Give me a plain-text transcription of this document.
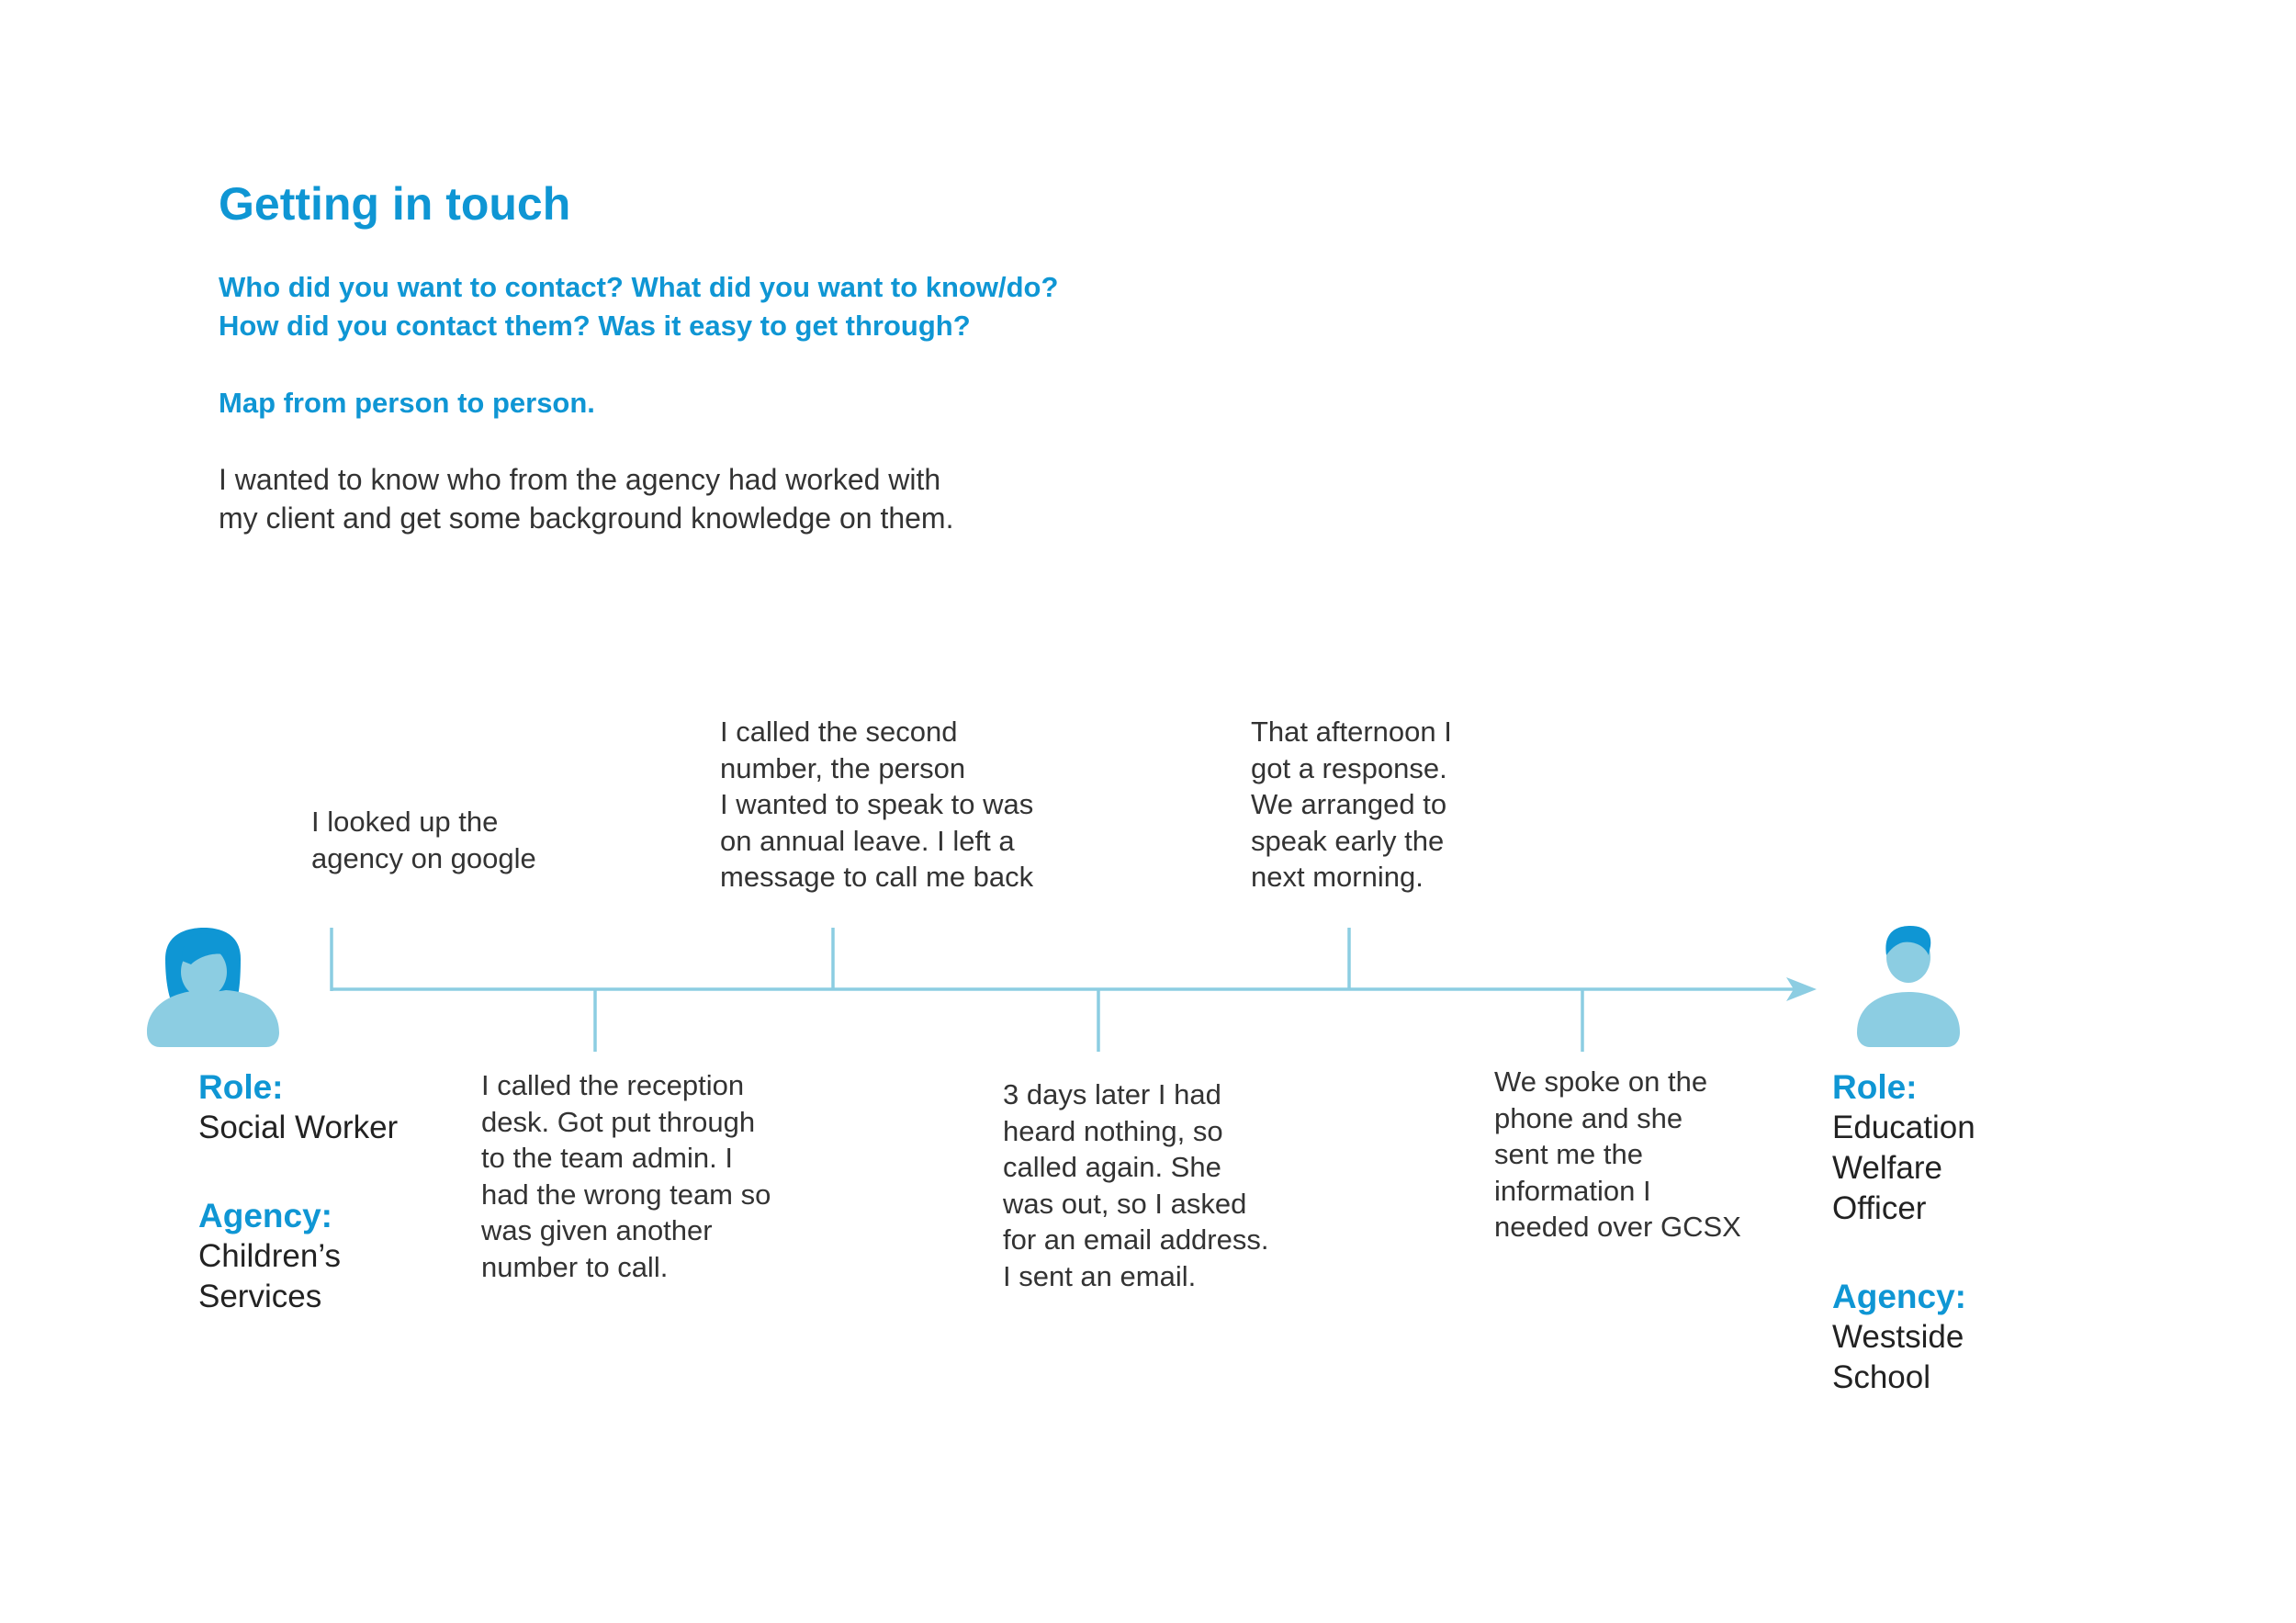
Getting in touch
Who did you want to contact? What did you want to know/do?
How did you contact them? Was it easy to get through?
Map from person to person.
I wanted to know who from the agency had worked with
my client and get some background knowledge on them.
Role:
Social Worker
Agency:
Children’s
Services
Role:
Education
Welfare
Officer
Agency:
Westside
School
I looked up the
agency on google
I called the reception
desk. Got put through
to the team admin. I
had the wrong team so
was given another
number to call.
I called the second
number, the person
I wanted to speak to was
on annual leave. I left a
message to call me back
3 days later I had
heard nothing, so
called again. She
was out, so I asked
for an email address.
I sent an email.
That afternoon I
got a response.
We arranged to
speak early the
next morning.
We spoke on the
phone and she
sent me the
information I
needed over GCSX
